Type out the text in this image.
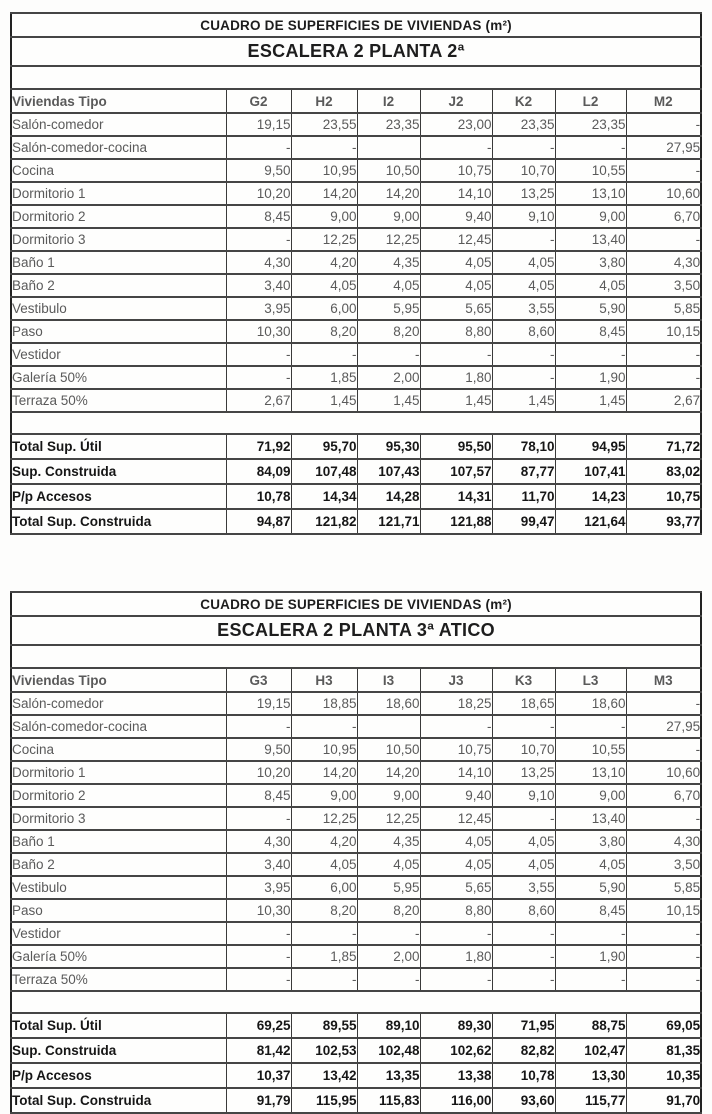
CUADRO DE SUPERFICIES DE VIVIENDAS (m²)							
ESCALERA 2 PLANTA 2ª							

Viviendas Tipo	G2	H2	I2	J2	K2	L2	M2
Salón-comedor	19,15	23,55	23,35	23,00	23,35	23,35	-
Salón-comedor-cocina	-	-		-	-	-	27,95
Cocina	9,50	10,95	10,50	10,75	10,70	10,55	-
Dormitorio 1	10,20	14,20	14,20	14,10	13,25	13,10	10,60
Dormitorio 2	8,45	9,00	9,00	9,40	9,10	9,00	6,70
Dormitorio 3	-	12,25	12,25	12,45	-	13,40	-
Baño 1	4,30	4,20	4,35	4,05	4,05	3,80	4,30
Baño 2	3,40	4,05	4,05	4,05	4,05	4,05	3,50
Vestibulo	3,95	6,00	5,95	5,65	3,55	5,90	5,85
Paso	10,30	8,20	8,20	8,80	8,60	8,45	10,15
Vestidor	-	-	-	-	-	-	-
Galería 50%	-	1,85	2,00	1,80	-	1,90	-
Terraza 50%	2,67	1,45	1,45	1,45	1,45	1,45	2,67

Total Sup. Útil	71,92	95,70	95,30	95,50	78,10	94,95	71,72
Sup. Construida	84,09	107,48	107,43	107,57	87,77	107,41	83,02
P/p Accesos	10,78	14,34	14,28	14,31	11,70	14,23	10,75
Total Sup. Construida	94,87	121,82	121,71	121,88	99,47	121,64	93,77
CUADRO DE SUPERFICIES DE VIVIENDAS (m²)							
ESCALERA 2 PLANTA 3ª ATICO							

Viviendas Tipo	G3	H3	I3	J3	K3	L3	M3
Salón-comedor	19,15	18,85	18,60	18,25	18,65	18,60	-
Salón-comedor-cocina	-	-		-	-	-	27,95
Cocina	9,50	10,95	10,50	10,75	10,70	10,55	-
Dormitorio 1	10,20	14,20	14,20	14,10	13,25	13,10	10,60
Dormitorio 2	8,45	9,00	9,00	9,40	9,10	9,00	6,70
Dormitorio 3	-	12,25	12,25	12,45	-	13,40	-
Baño 1	4,30	4,20	4,35	4,05	4,05	3,80	4,30
Baño 2	3,40	4,05	4,05	4,05	4,05	4,05	3,50
Vestibulo	3,95	6,00	5,95	5,65	3,55	5,90	5,85
Paso	10,30	8,20	8,20	8,80	8,60	8,45	10,15
Vestidor	-	-	-	-	-	-	-
Galería 50%	-	1,85	2,00	1,80	-	1,90	-
Terraza 50%	-	-	-	-	-	-	-

Total Sup. Útil	69,25	89,55	89,10	89,30	71,95	88,75	69,05
Sup. Construida	81,42	102,53	102,48	102,62	82,82	102,47	81,35
P/p Accesos	10,37	13,42	13,35	13,38	10,78	13,30	10,35
Total Sup. Construida	91,79	115,95	115,83	116,00	93,60	115,77	91,70
